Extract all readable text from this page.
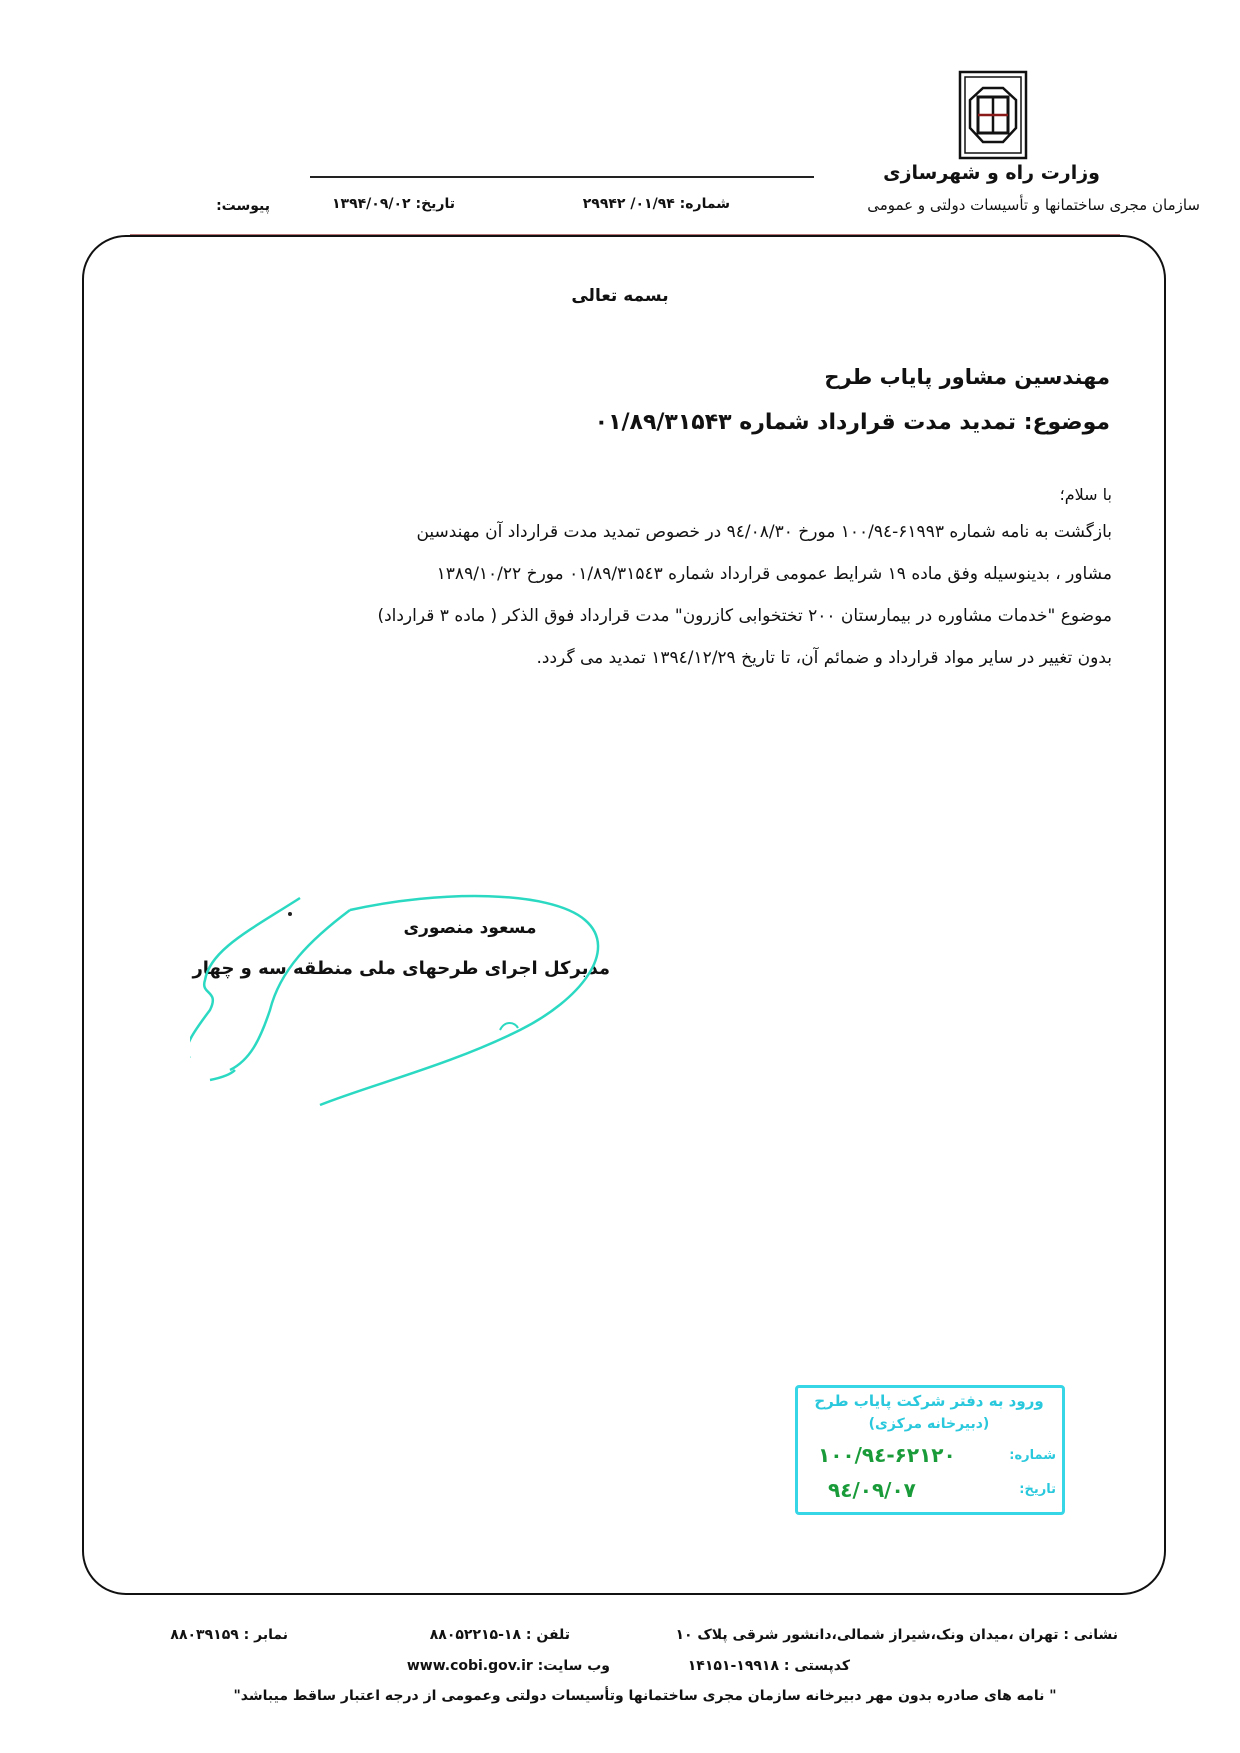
وزارت راه و شهرسازی
سازمان مجری ساختمانها و تأسیسات دولتی و عمومی
شماره: ۰۱/۹۴/ ۲۹۹۴۲
تاریخ: ۱۳۹۴/۰۹/۰۲
پیوست:
بسمه تعالی
مهندسین مشاور پایاب طرح
موضوع: تمدید مدت قرارداد شماره ۰۱/۸۹/۳۱۵۴۳
با سلام؛
بازگشت به نامه شماره ۶۱۹۹۳-۱۰۰/۹٤ مورخ ۹٤/۰۸/۳۰ در خصوص تمدید مدت قرارداد آن مهندسین
مشاور ، بدینوسیله وفق ماده ۱۹ شرایط عمومی قرارداد شماره ۰۱/۸۹/۳۱۵٤۳ مورخ ۱۳۸۹/۱۰/۲۲
موضوع "خدمات مشاوره در بیمارستان ۲۰۰ تختخوابی کازرون" مدت قرارداد فوق الذکر ( ماده ۳ قرارداد)
بدون تغییر در سایر مواد قرارداد و ضمائم آن، تا تاریخ ۱۳۹٤/۱۲/۲۹ تمدید می گردد.
مسعود منصوری
مدیرکل اجرای طرحهای ملی منطقه سه و چهار
ورود به دفتر شرکت پایاب طرح
(دبیرخانه مرکزی)
شماره:
۱۰۰/۹٤-۶۲۱۲۰
تاریخ:
۹٤/۰۹/۰۷
نشانی : تهران ،میدان ونک،شیراز شمالی،دانشور شرقی پلاک ۱۰
تلفن : ۱۸-۸۸۰۵۲۲۱۵
نمابر : ۸۸۰۳۹۱۵۹
کدپستی : ۱۹۹۱۸-۱۴۱۵۱
وب سایت: www.cobi.gov.ir
" نامه های صادره بدون مهر دبیرخانه سازمان مجری ساختمانها وتأسیسات دولتی وعمومی از درجه اعتبار ساقط میباشد"
